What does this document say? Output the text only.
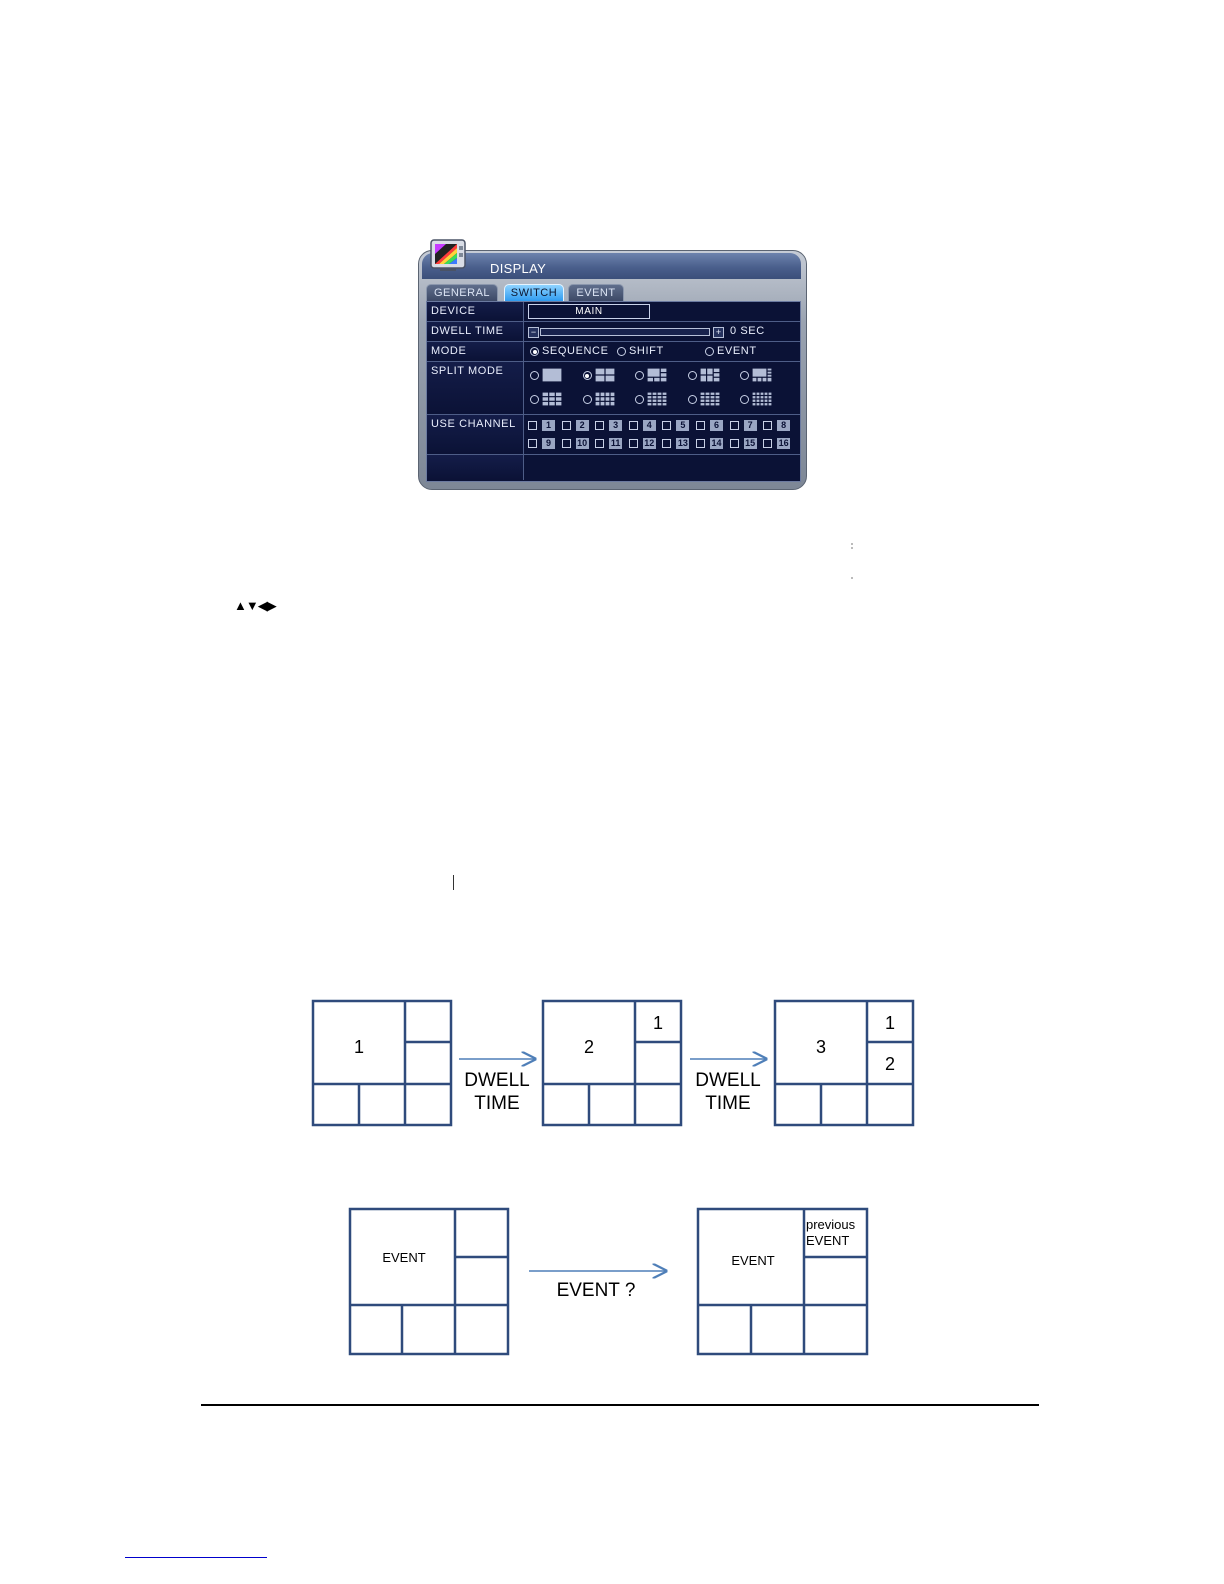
DISPLAY
GENERAL	SWITCH	EVENT
DEVICE	MAIN
DWELL TIME	−	+ 0 SEC
MODE	SEQUENCE SHIFT	EVENT
SPLIT MODE
USE CHANNEL	1	2	3	4	5	6	7	8
9	10	11	12	13	14	15	16
▲▼◀▶
1	2
1
3
1
2
DWELL
TIME
DWELL
TIME
EVENT
EVENT ?
EVENT
previous
EVENT
